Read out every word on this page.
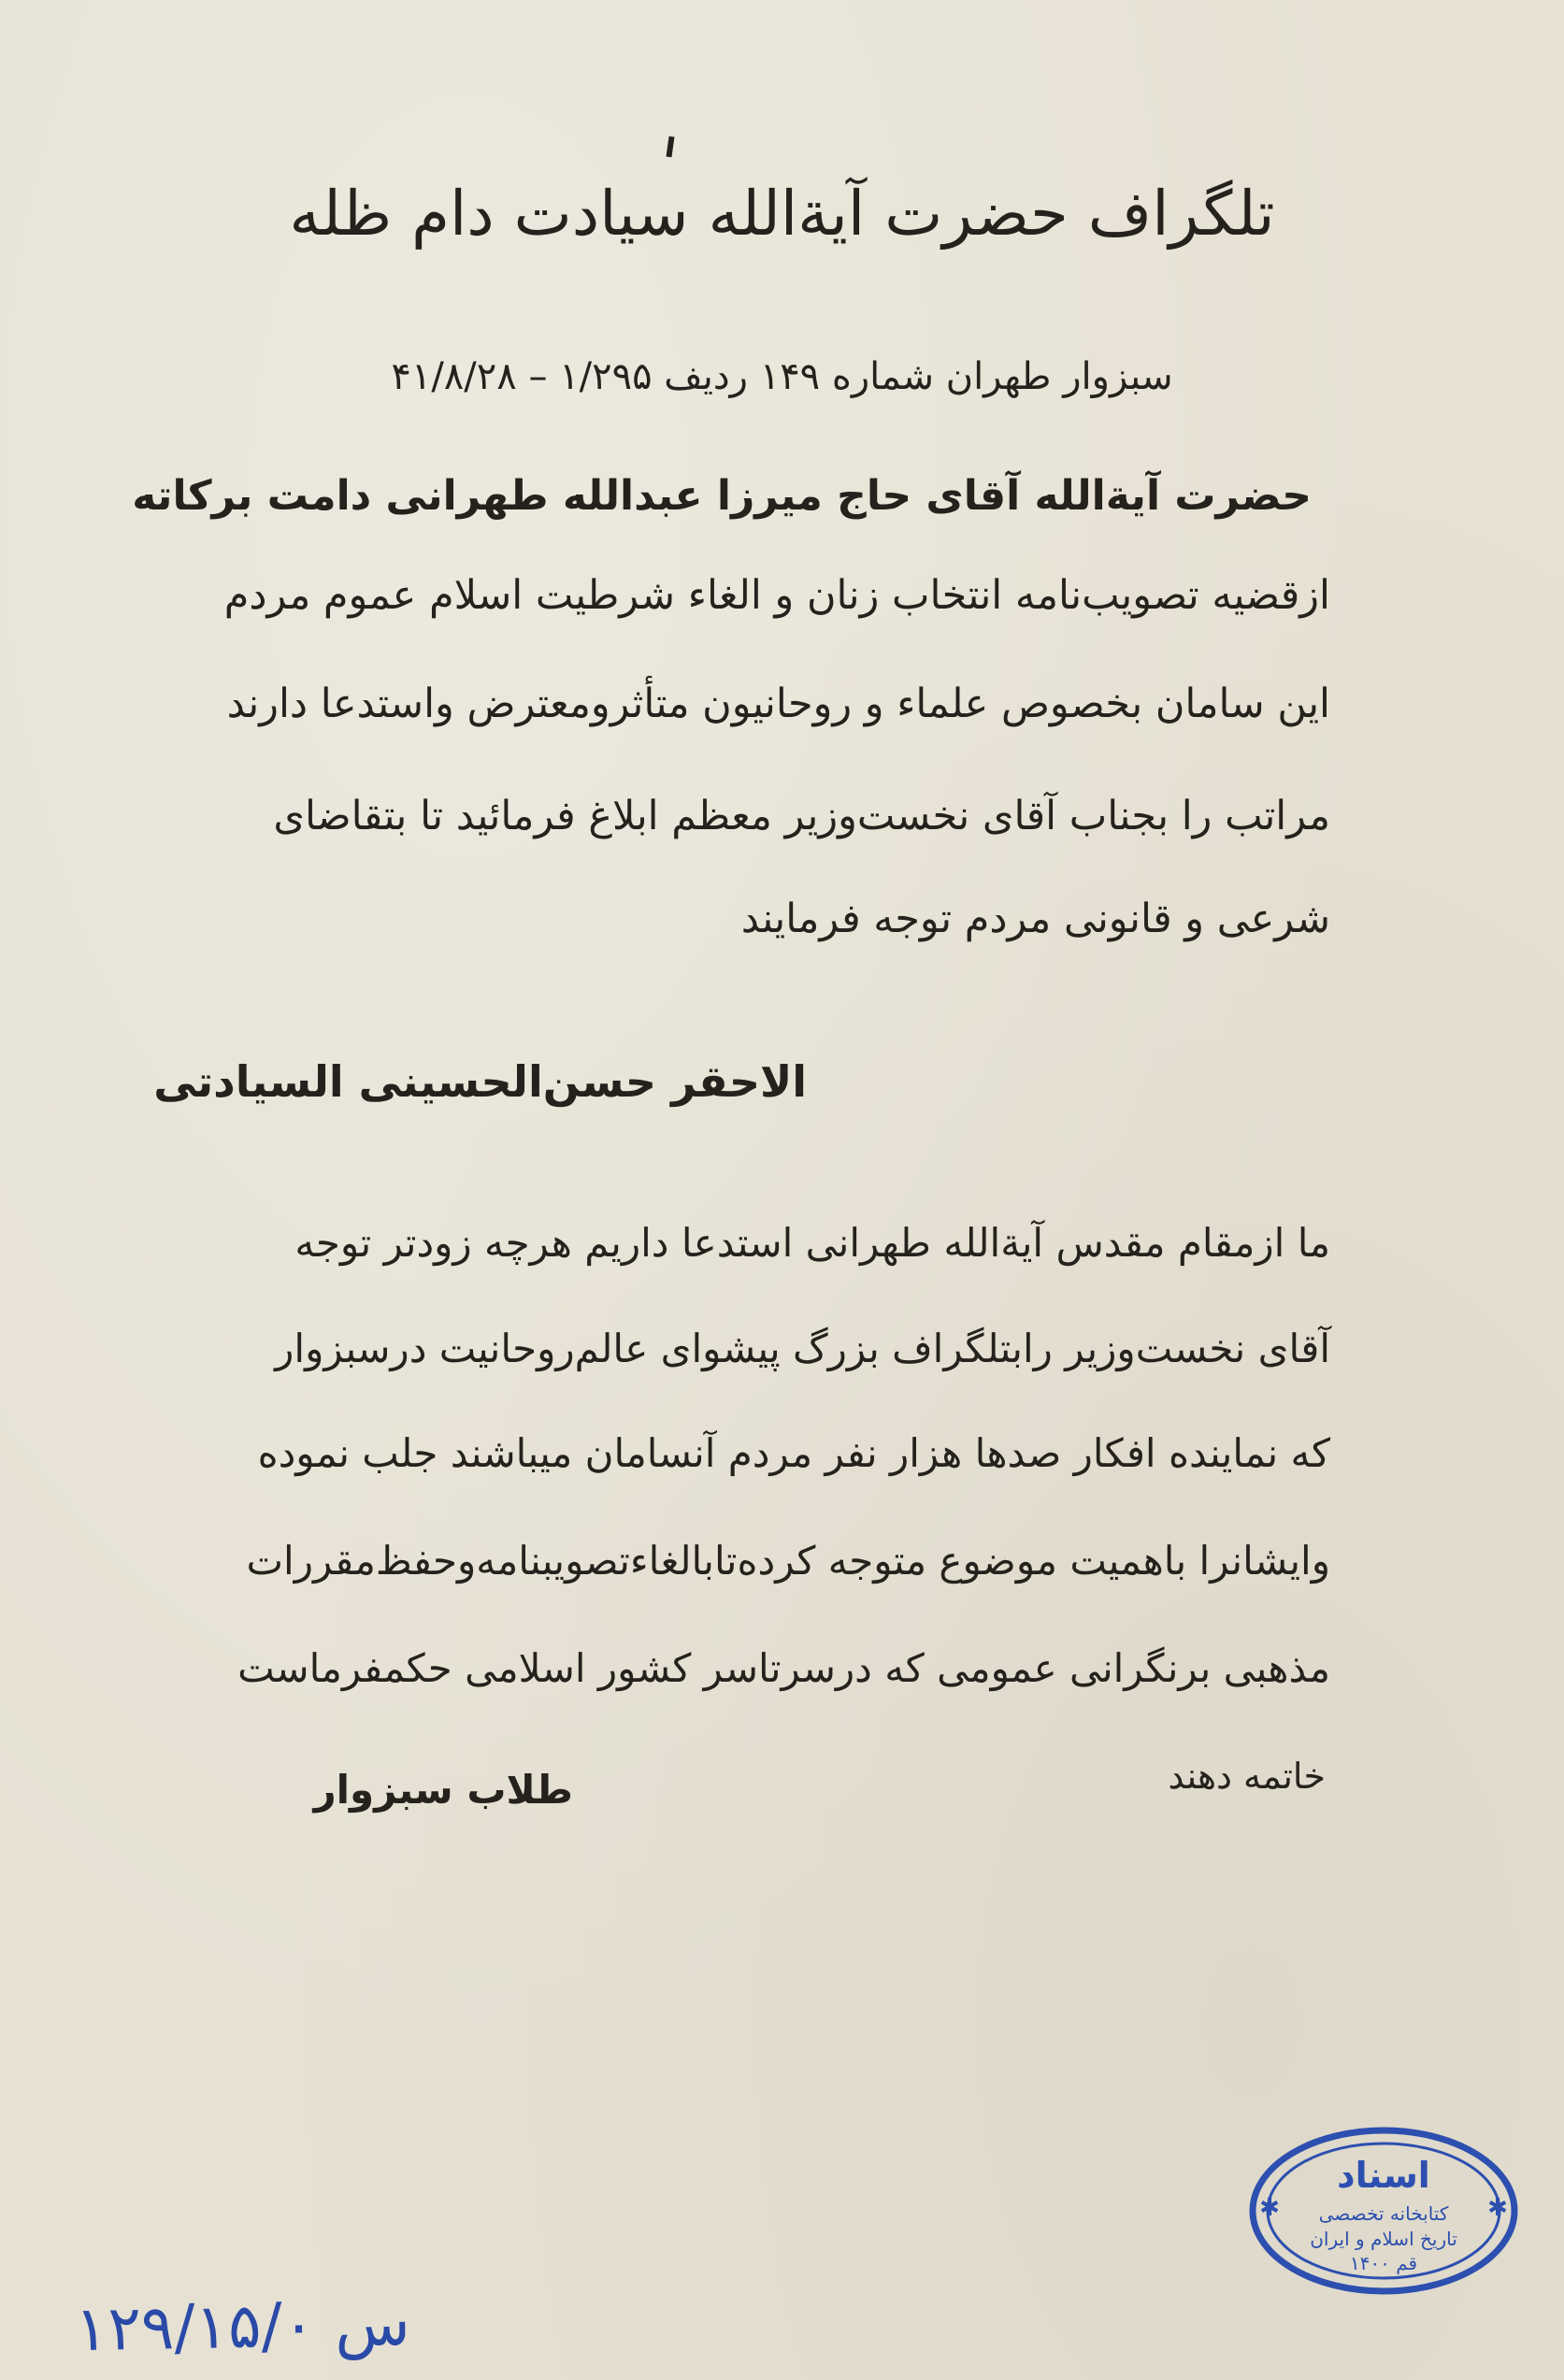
تلگراف حضرت آیةالله سیادت دام ظله
سبزوار طهران شماره ۱۴۹ ردیف ۱/۲۹۵ – ۴۱/۸/۲۸
حضرت آیةالله آقای حاج میرزا عبدالله طهرانی دامت برکاته
ازقضیه تصویب‌نامه انتخاب زنان و الغاء شرطیت اسلام عموم مردم
این سامان بخصوص علماء و روحانیون متأثرومعترض واستدعا دارند
مراتب را بجناب آقای نخست‌وزیر معظم ابلاغ فرمائید تا بتقاضای
شرعی و قانونی مردم توجه فرمایند
الاحقر حسن‌الحسینی السیادتی
ما ازمقام مقدس آیةالله طهرانی استدعا داریم هرچه زودتر توجه
آقای نخست‌وزیر رابتلگراف بزرگ پیشوای عالم‌روحانیت درسبزوار
که نماینده افکار صدها هزار نفر مردم آنسامان میباشند جلب نموده
وایشانرا باهمیت موضوع متوجه کرده‌تابالغاءتصویبنامه‌وحفظ‌مقررات
مذهبی برنگرانی عمومی که درسرتاسر کشور اسلامی حکمفرماست
خاتمه دهند
طلاب سبزوار
اسناد
کتابخانه تخصصی
تاریخ اسلام و ایران
قم ۱۴۰۰
✱	✱
۱۲۹/۱۵/۰ س
